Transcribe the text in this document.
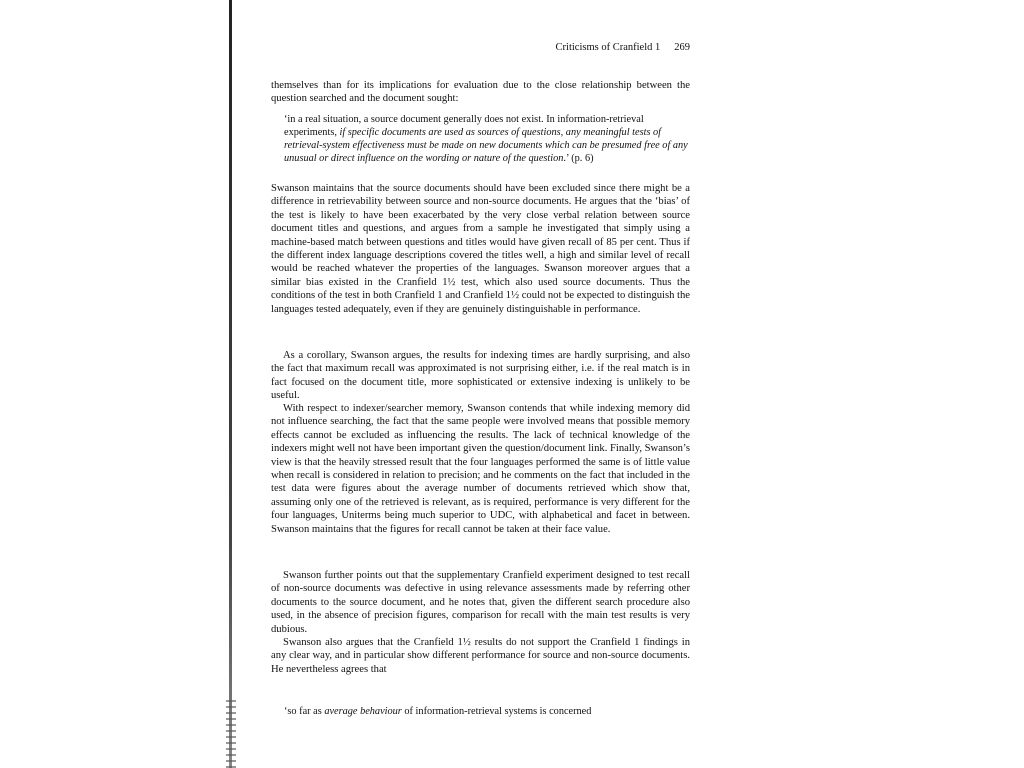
Criticisms of Cranfield 1 269

themselves than for its implications for evaluation due to the close relationship between the question searched and the document sought:

‘in a real situation, a source document generally does not exist. In information-retrieval experiments, if specific documents are used as sources of questions, any meaningful tests of retrieval-system effectiveness must be made on new documents which can be presumed free of any unusual or direct influence on the wording or nature of the question.’ (p. 6)

Swanson maintains that the source documents should have been excluded since there might be a difference in retrievability between source and non-source documents. He argues that the ‘bias’ of the test is likely to have been exacerbated by the very close verbal relation between source document titles and questions, and argues from a sample he investigated that simply using a machine-based match between questions and titles would have given recall of 85 per cent. Thus if the different index language descriptions covered the titles well, a high and similar level of recall would be reached whatever the properties of the languages. Swanson moreover argues that a similar bias existed in the Cranfield 1½ test, which also used source documents. Thus the conditions of the test in both Cranfield 1 and Cranfield 1½ could not be expected to distinguish the languages tested adequately, even if they are genuinely distinguishable in performance.

As a corollary, Swanson argues, the results for indexing times are hardly surprising, and also the fact that maximum recall was approximated is not surprising either, i.e. if the real match is in fact focused on the document title, more sophisticated or extensive indexing is unlikely to be useful.

With respect to indexer/searcher memory, Swanson contends that while indexing memory did not influence searching, the fact that the same people were involved means that possible memory effects cannot be excluded as influencing the results. The lack of technical knowledge of the indexers might well not have been important given the question/document link. Finally, Swanson’s view is that the heavily stressed result that the four languages performed the same is of little value when recall is considered in relation to precision; and he comments on the fact that included in the test data were figures about the average number of documents retrieved which show that, assuming only one of the retrieved is relevant, as is required, performance is very different for the four languages, Uniterms being much superior to UDC, with alphabetical and facet in between. Swanson maintains that the figures for recall cannot be taken at their face value.

Swanson further points out that the supplementary Cranfield experiment designed to test recall of non-source documents was defective in using relevance assessments made by referring other documents to the source document, and he notes that, given the different search procedure also used, in the absence of precision figures, comparison for recall with the main test results is very dubious.

Swanson also argues that the Cranfield 1½ results do not support the Cranfield 1 findings in any clear way, and in particular show different performance for source and non-source documents. He nevertheless agrees that

‘so far as average behaviour of information-retrieval systems is concerned
